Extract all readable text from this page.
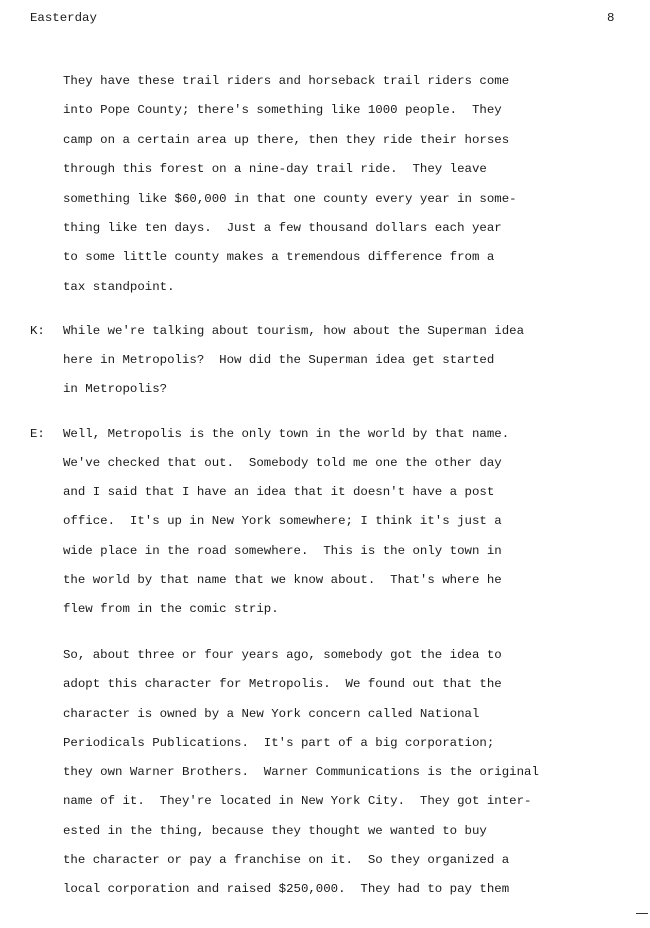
Easterday	8
They have these trail riders and horseback trail riders come
into Pope County; there's something like 1000 people.  They
camp on a certain area up there, then they ride their horses
through this forest on a nine-day trail ride.  They leave
something like $60,000 in that one county every year in some-
thing like ten days.  Just a few thousand dollars each year
to some little county makes a tremendous difference from a
tax standpoint.
K: While we're talking about tourism, how about the Superman idea
here in Metropolis?  How did the Superman idea get started
in Metropolis?
E: Well, Metropolis is the only town in the world by that name.
We've checked that out.  Somebody told me one the other day
and I said that I have an idea that it doesn't have a post
office.  It's up in New York somewhere; I think it's just a
wide place in the road somewhere.  This is the only town in
the world by that name that we know about.  That's where he
flew from in the comic strip.
So, about three or four years ago, somebody got the idea to
adopt this character for Metropolis.  We found out that the
character is owned by a New York concern called National
Periodicals Publications.  It's part of a big corporation;
they own Warner Brothers.  Warner Communications is the original
name of it.  They're located in New York City.  They got inter-
ested in the thing, because they thought we wanted to buy
the character or pay a franchise on it.  So they organized a
local corporation and raised $250,000.  They had to pay them
